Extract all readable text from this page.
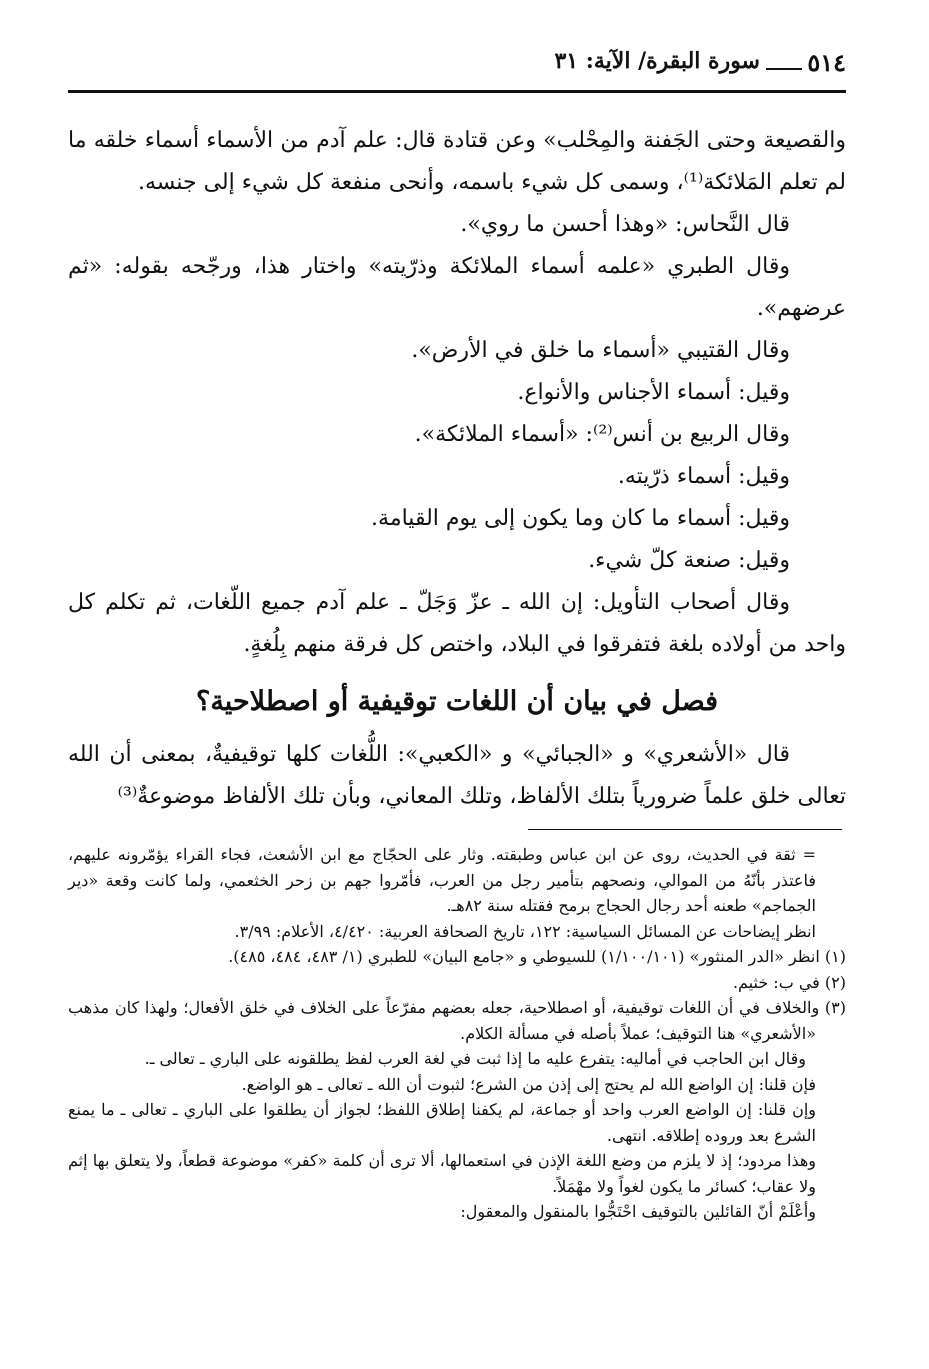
٥١٤
سورة البقرة/ الآية: ٣١

والقصيعة وحتى الجَفنة والمِحْلب» وعن قتادة قال: علم آدم من الأسماء أسماء خلقه ما لم تعلم المَلائكة⁽¹⁾، وسمى كل شيء باسمه، وأنحى منفعة كل شيء إلى جنسه.

قال النَّحاس: «وهذا أحسن ما روي».

وقال الطبري «علمه أسماء الملائكة وذرّيته» واختار هذا، ورجّحه بقوله: «ثم عرضهم».

وقال القتيبي «أسماء ما خلق في الأرض».

وقيل: أسماء الأجناس والأنواع.

وقال الربيع بن أنس⁽²⁾: «أسماء الملائكة».

وقيل: أسماء ذرّيته.

وقيل: أسماء ما كان وما يكون إلى يوم القيامة.

وقيل: صنعة كلّ شيء.

وقال أصحاب التأويل: إن الله ـ عزّ وَجَلّ ـ علم آدم جميع اللّغات، ثم تكلم كل واحد من أولاده بلغة فتفرقوا في البلاد، واختص كل فرقة منهم بِلُغةٍ.

فصل في بيان أن اللغات توقيفية أو اصطلاحية؟

قال «الأشعري» و «الجبائي» و «الكعبي»: اللُّغات كلها توقيفيةٌ، بمعنى أن الله تعالى خلق علماً ضرورياً بتلك الألفاظ، وتلك المعاني، وبأن تلك الألفاظ موضوعةٌ⁽³⁾

= ثقة في الحديث، روى عن ابن عباس وطبقته. وثار على الحجّاج مع ابن الأشعث، فجاء القراء يؤمّرونه عليهم، فاعتذر بأنّهُ من الموالي، ونصحهم بتأمير رجل من العرب، فأمّروا جهم بن زحر الخثعمي، ولما كانت وقعة «دير الجماجم» طعنه أحد رجال الحجاج برمح فقتله سنة ٨٢هـ.

انظر إيضاحات عن المسائل السياسية: ١٢٢، تاريخ الصحافة العربية: ٤/٤٢٠، الأعلام: ٣/٩٩.

(١) انظر «الدر المنثور» (١/١٠٠/١٠١) للسيوطي و «جامع البيان» للطبري (١/ ٤٨٣، ٤٨٤، ٤٨٥).

(٢) في ب: خثيم.

(٣) والخلاف في أن اللغات توقيفية، أو اصطلاحية، جعله بعضهم مفرّعاً على الخلاف في خلق الأفعال؛ ولهذا كان مذهب «الأشعري» هنا التوقيف؛ عملاً بأصله في مسألة الكلام.

وقال ابن الحاجب في أماليه: يتفرع عليه ما إذا ثبت في لغة العرب لفظ يطلقونه على الباري ـ تعالى ـ.

فإن قلنا: إن الواضع الله لم يحتج إلى إذن من الشرع؛ لثبوت أن الله ـ تعالى ـ هو الواضع.

وإن قلنا: إن الواضع العرب واحد أو جماعة، لم يكفنا إطلاق اللفظ؛ لجواز أن يطلقوا على الباري ـ تعالى ـ ما يمنع الشرع بعد وروده إطلاقه. انتهى.

وهذا مردود؛ إذ لا يلزم من وضع اللغة الإذن في استعمالها، ألا ترى أن كلمة «كفر» موضوعة قطعاً، ولا يتعلق بها إثم ولا عقاب؛ كسائر ما يكون لغواً ولا مهْمَلاً.

وأعْلَمْ أنّ القائلين بالتوقيف احْتَجُّوا بالمنقول والمعقول:
